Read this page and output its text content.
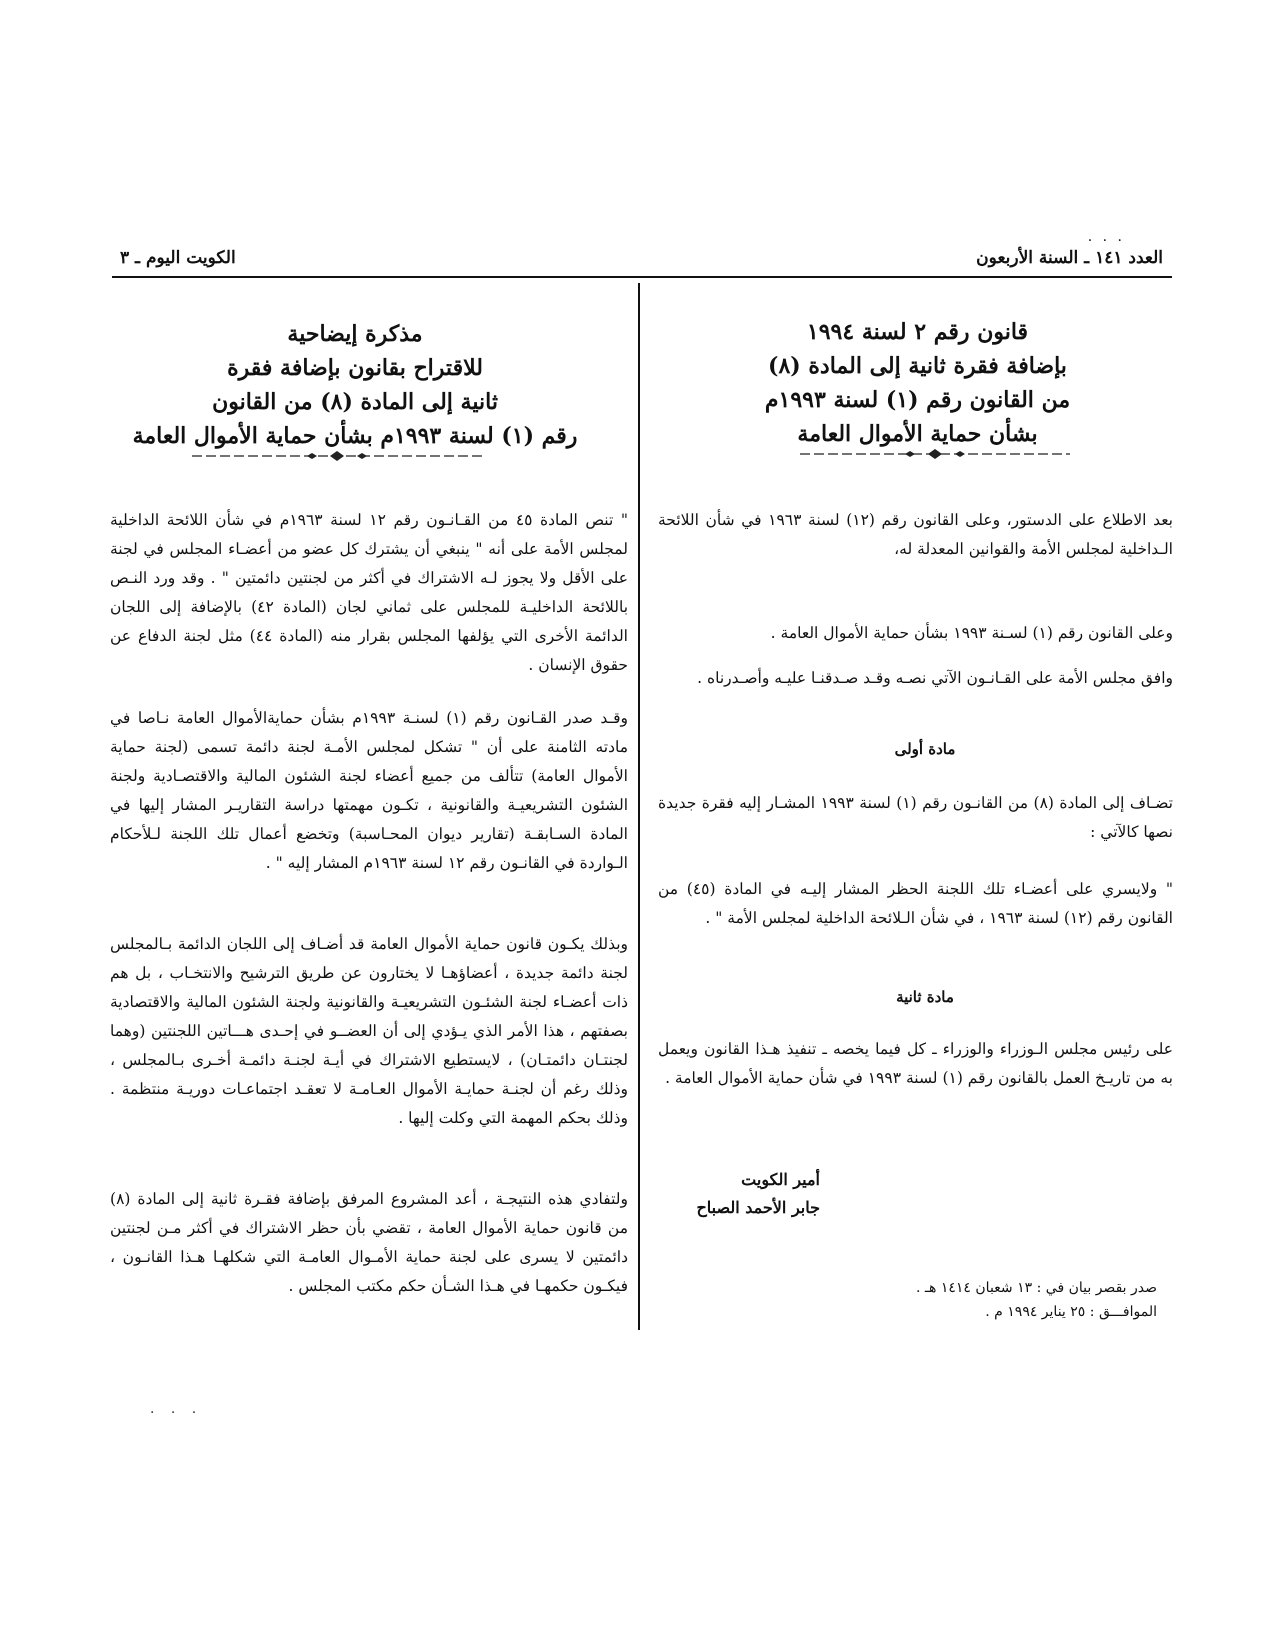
. . .
العدد ١٤١ ـ السنة الأربعون
الكويت اليوم ـ ٣
قانون رقم ٢ لسنة ١٩٩٤
بإضافة فقرة ثانية إلى المادة (٨)
من القانون رقم (١) لسنة ١٩٩٣م
بشأن حماية الأموال العامة
بعد الاطلاع على الدستور، وعلى القانون رقم (١٢) لسنة ١٩٦٣ في شأن اللائحة الـداخلية لمجلس الأمة والقوانين المعدلة له،
وعلى القانون رقم (١) لسـنة ١٩٩٣ بشأن حماية الأموال العامة .
وافق مجلس الأمة على القـانـون الآتي نصـه وقـد صـدقنـا عليـه وأصـدرناه .
مادة أولى
تضـاف إلى المادة (٨) من القانـون رقم (١) لسنة ١٩٩٣ المشـار إليه فقرة جديدة نصها كالآتي :
" ولايسري على أعضـاء تلك اللجنة الحظر المشار إليـه في المادة (٤٥) من القانون رقم (١٢) لسنة ١٩٦٣ ، في شأن الـلائحة الداخلية لمجلس الأمة " .
مادة ثانية
على رئيس مجلس الـوزراء والوزراء ـ كل فيما يخصه ـ تنفيذ هـذا القانون ويعمل به من تاريـخ العمل بالقانون رقم (١) لسنة ١٩٩٣ في شأن حماية الأموال العامة .
أمير الكويت
جابر الأحمد الصباح
صدر بقصر بيان في : ١٣ شعبان ١٤١٤ هـ .
الموافـــق : ٢٥ يناير ١٩٩٤ م .
مذكرة إيضاحية
للاقتراح بقانون بإضافة فقرة
ثانية إلى المادة (٨) من القانون
رقم (١) لسنة ١٩٩٣م بشأن حماية الأموال العامة
" تنص المادة ٤٥ من القـانـون رقم ١٢ لسنة ١٩٦٣م في شأن اللائحة الداخلية لمجلس الأمة على أنه " ينبغي أن يشترك كل عضو من أعضـاء المجلس في لجنة على الأقل ولا يجوز لـه الاشتراك في أكثر من لجنتين دائمتين " . وقد ورد النـص باللائحة الداخليـة للمجلس على ثماني لجان (المادة ٤٢) بالإضافة إلى اللجان الدائمة الأخرى التي يؤلفها المجلس بقرار منه (المادة ٤٤) مثل لجنة الدفاع عن حقوق الإنسان .
وقـد صدر القـانون رقم (١) لسنـة ١٩٩٣م بشأن حمايةالأموال العامة نـاصا في مادته الثامنة على أن " تشكل لمجلس الأمـة لجنة دائمة تسمى (لجنة حماية الأموال العامة) تتألف من جميع أعضاء لجنة الشئون المالية والاقتصـادية ولجنة الشئون التشريعيـة والقانونية ، تكـون مهمتها دراسة التقاريـر المشار إليها في المادة السـابقـة (تقارير ديوان المحـاسبة) وتخضع أعمال تلك اللجنة لـلأحكام الـواردة في القانـون رقم ١٢ لسنة ١٩٦٣م المشار إليه " .
وبذلك يكـون قانون حماية الأموال العامة قد أضـاف إلى اللجان الدائمة بـالمجلس لجنة دائمة جديدة ، أعضاؤهـا لا يختارون عن طريق الترشيح والانتخـاب ، بل هم ذات أعضـاء لجنة الشئـون التشريعيـة والقانونية ولجنة الشئون المالية والاقتصادية بصفتهم ، هذا الأمر الذي يـؤدي إلى أن العضــو في إحـدى هـــاتين اللجنتين (وهما لجنتـان دائمتـان) ، لايستطيع الاشتراك في أيـة لجنـة دائمـة أخـرى بـالمجلس ، وذلك رغم أن لجنـة حمايـة الأموال العـامـة لا تعقـد اجتماعـات دوريـة منتظمة . وذلك بحكم المهمة التي وكلت إليها .
ولتفادي هذه النتيجـة ، أعد المشروع المرفق بإضافة فقـرة ثانية إلى المادة (٨) من قانون حماية الأموال العامة ، تقضي بأن حظر الاشتراك في أكثر مـن لجنتين دائمتين لا يسرى على لجنة حماية الأمـوال العامـة التي شكلهـا هـذا القانـون ، فيكـون حكمهـا في هـذا الشـأن حكم مكتب المجلس .
· · ·
